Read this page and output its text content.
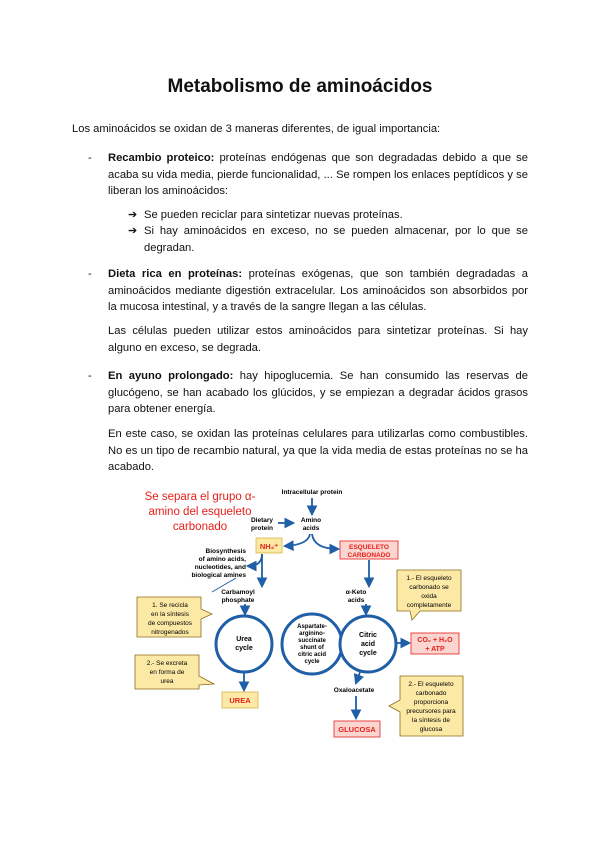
Metabolismo de aminoácidos
Los aminoácidos se oxidan de 3 maneras diferentes, de igual importancia:
- Recambio proteico: proteínas endógenas que son degradadas debido a que se acaba su vida media, pierde funcionalidad, ... Se rompen los enlaces peptídicos y se liberan los aminoácidos:
➔ Se pueden reciclar para sintetizar nuevas proteínas.
➔ Si hay aminoácidos en exceso, no se pueden almacenar, por lo que se degradan.
- Dieta rica en proteínas: proteínas exógenas, que son también degradadas a aminoácidos mediante digestión extracelular. Los aminoácidos son absorbidos por la mucosa intestinal, y a través de la sangre llegan a las células.
Las células pueden utilizar estos aminoácidos para sintetizar proteínas. Si hay alguno en exceso, se degrada.
- En ayuno prolongado: hay hipoglucemia. Se han consumido las reservas de glucógeno, se han acabado los glúcidos, y se empiezan a degradar ácidos grasos para obtener energía.
En este caso, se oxidan las proteínas celulares para utilizarlas como combustibles. No es un tipo de recambio natural, ya que la vida media de estas proteínas no se ha acabado.
Se separa el grupo α-
amino del esqueleto
carbonado
Intracellular protein
Dietary
protein
Amino
acids
NH₄⁺	ESQUELETO
CARBONADO
Biosynthesis
of amino acids,
nucleotides, and
biological amines
Carbamoyl
phosphate
α-Keto
acids
Urea
cycle
Aspartate-
argininо-
succinate
shunt of
citric acid
cycle
Citric
acid
cycle
1. Se recicla
en la síntesis
de compuestos
nitrogenados
2.- Se excreta
en forma de
urea
UREA
1.- El esqueleto
carbonado se
oxida
completamente
CO₂ + H₂O
+ ATP
2.- El esqueleto
carbonado
proporciona
precursores para
la síntesis de
glucosa
Oxaloacetate
GLUCOSA
